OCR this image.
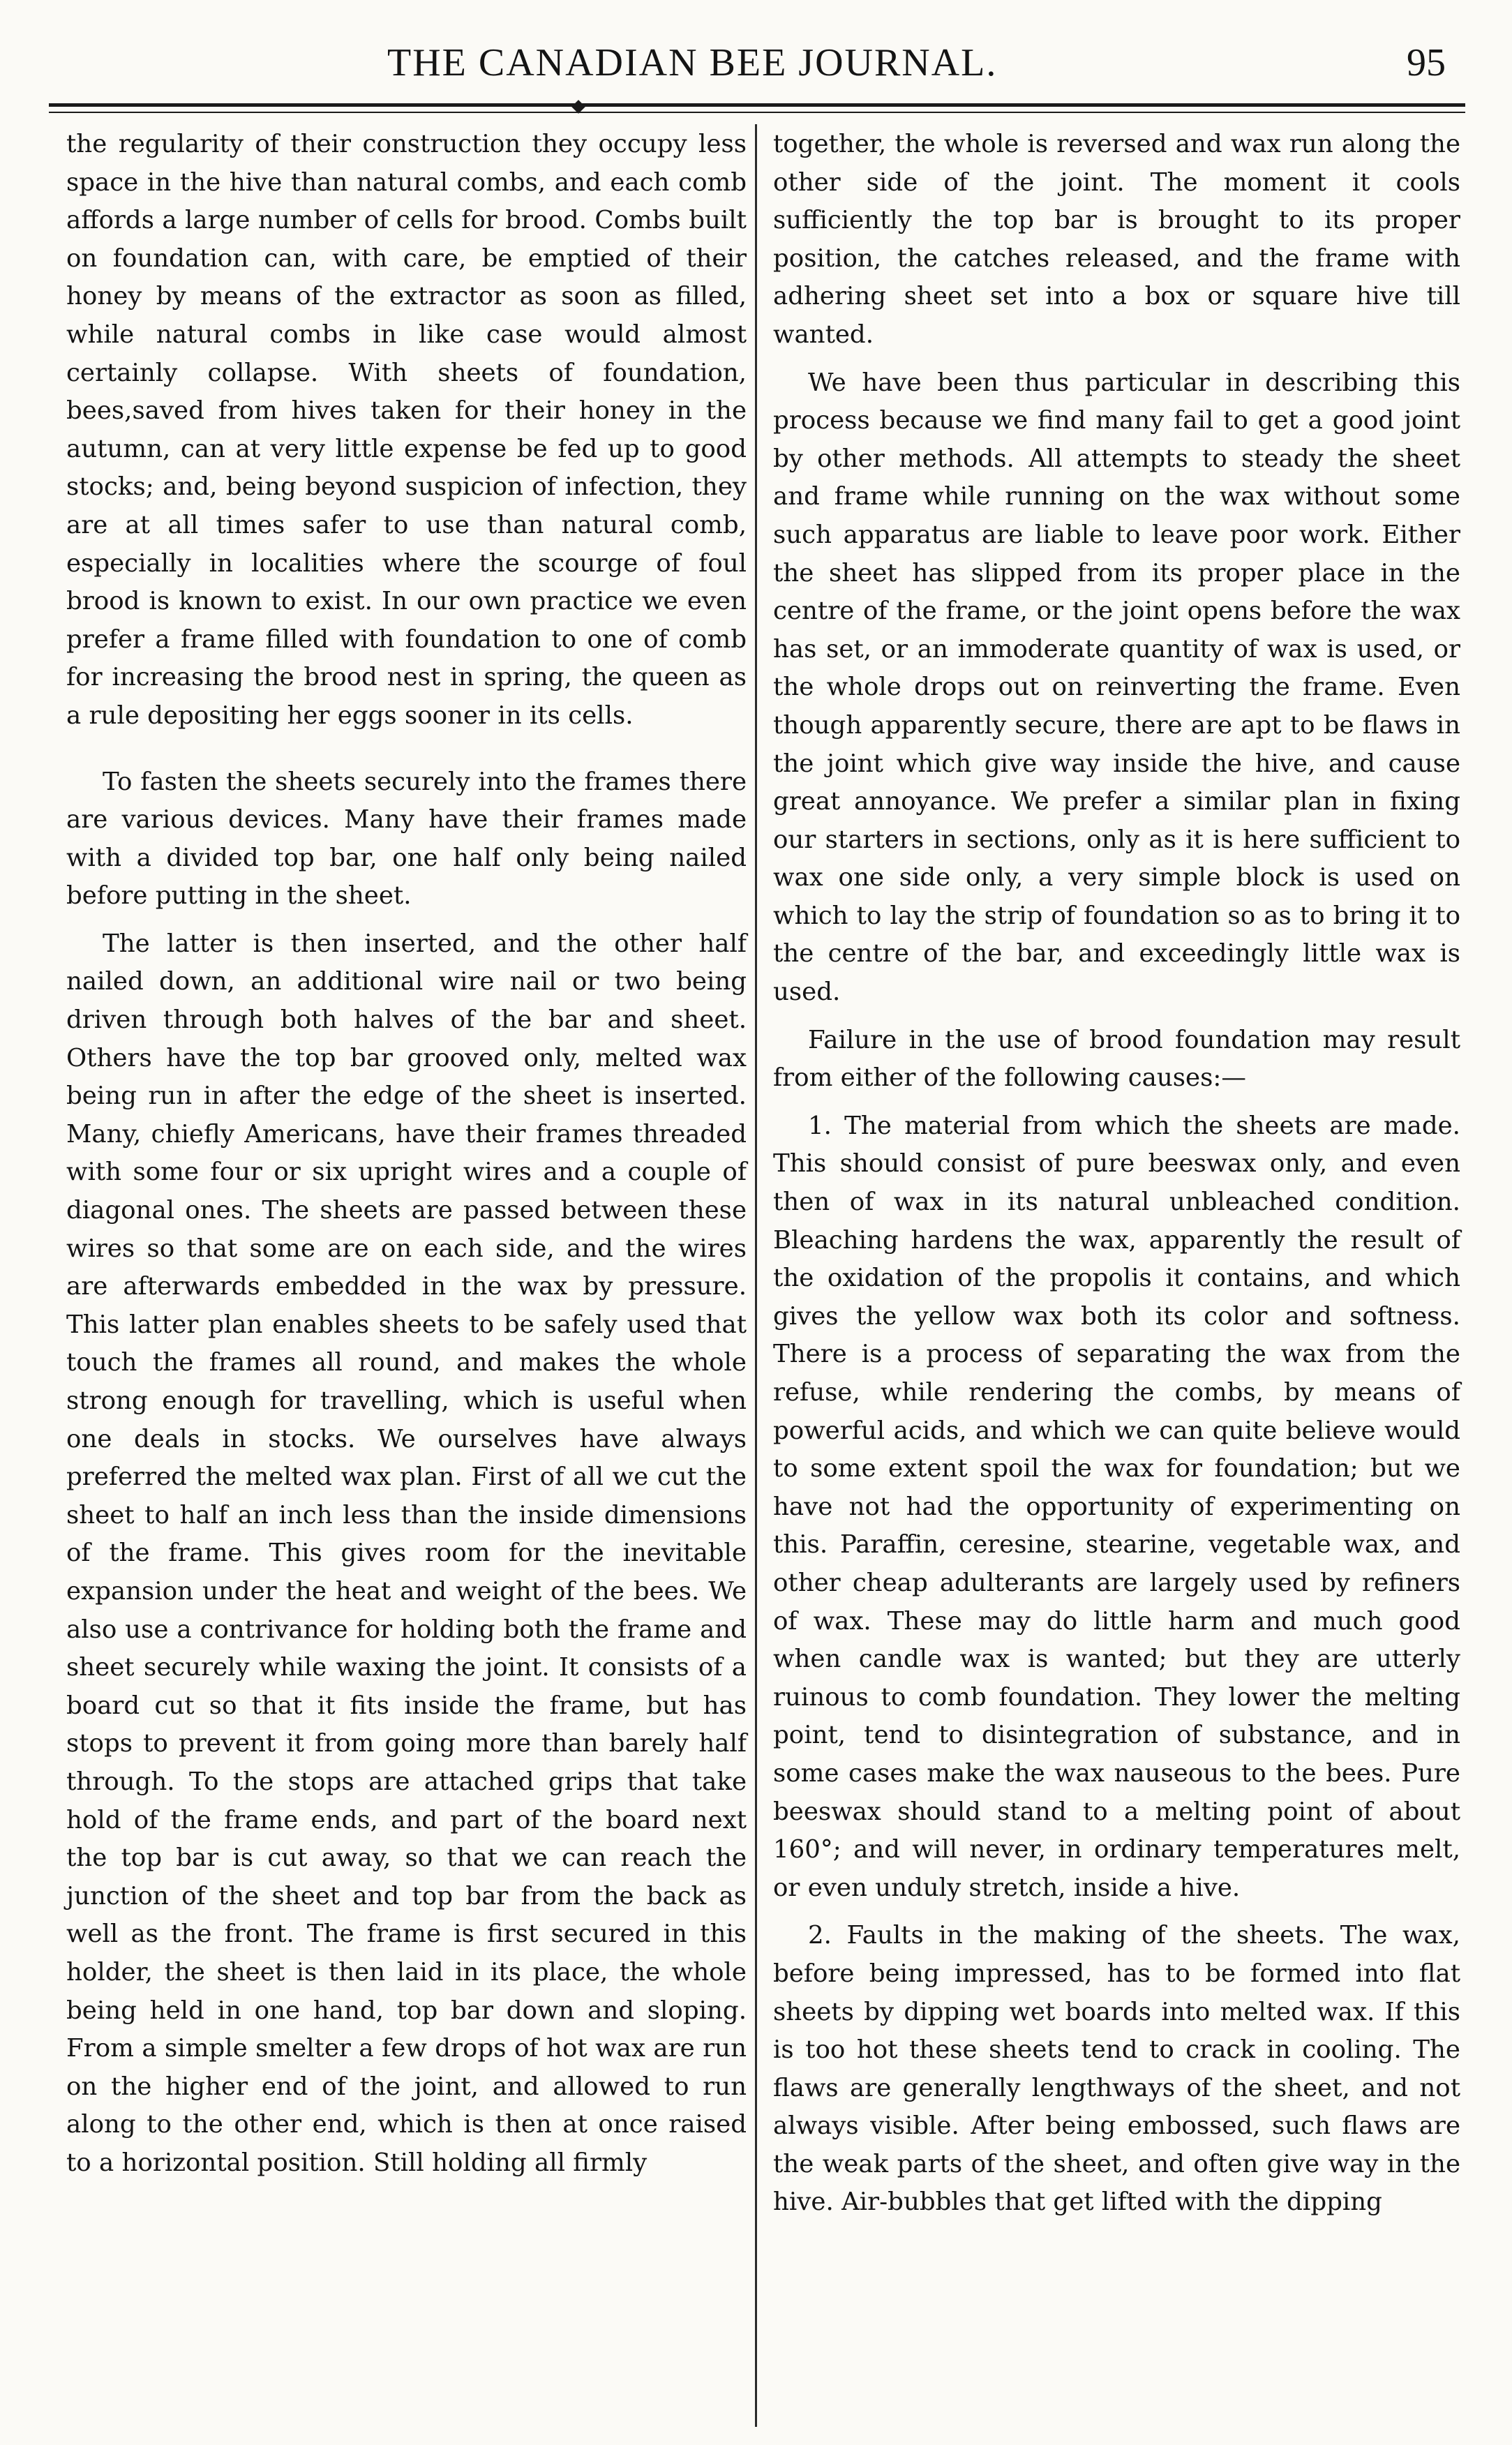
THE CANADIAN BEE JOURNAL.	95

the regularity of their construction they occupy less space in the hive than natural combs, and each comb affords a large number of cells for brood. Combs built on foundation can, with care, be emptied of their honey by means of the extractor as soon as filled, while natural combs in like case would almost certainly collapse. With sheets of foundation, bees,saved from hives taken for their honey in the autumn, can at very little expense be fed up to good stocks; and, being beyond suspicion of infection, they are at all times safer to use than natural comb, especially in localities where the scourge of foul brood is known to exist. In our own practice we even prefer a frame filled with foundation to one of comb for increasing the brood nest in spring, the queen as a rule depositing her eggs sooner in its cells.

To fasten the sheets securely into the frames there are various devices. Many have their frames made with a divided top bar, one half only being nailed before putting in the sheet.

The latter is then inserted, and the other half nailed down, an additional wire nail or two being driven through both halves of the bar and sheet. Others have the top bar grooved only, melted wax being run in after the edge of the sheet is inserted. Many, chiefly Americans, have their frames threaded with some four or six upright wires and a couple of diagonal ones. The sheets are passed between these wires so that some are on each side, and the wires are afterwards embedded in the wax by pressure. This latter plan enables sheets to be safely used that touch the frames all round, and makes the whole strong enough for travelling, which is useful when one deals in stocks. We ourselves have always preferred the melted wax plan. First of all we cut the sheet to half an inch less than the inside dimensions of the frame. This gives room for the inevitable expansion under the heat and weight of the bees. We also use a contrivance for holding both the frame and sheet securely while waxing the joint. It consists of a board cut so that it fits inside the frame, but has stops to prevent it from going more than barely half through. To the stops are attached grips that take hold of the frame ends, and part of the board next the top bar is cut away, so that we can reach the junction of the sheet and top bar from the back as well as the front. The frame is first secured in this holder, the sheet is then laid in its place, the whole being held in one hand, top bar down and sloping. From a simple smelter a few drops of hot wax are run on the higher end of the joint, and allowed to run along to the other end, which is then at once raised to a horizontal position. Still holding all firmly

together, the whole is reversed and wax run along the other side of the joint. The moment it cools sufficiently the top bar is brought to its proper position, the catches released, and the frame with adhering sheet set into a box or square hive till wanted.

We have been thus particular in describing this process because we find many fail to get a good joint by other methods. All attempts to steady the sheet and frame while running on the wax without some such apparatus are liable to leave poor work. Either the sheet has slipped from its proper place in the centre of the frame, or the joint opens before the wax has set, or an immoderate quantity of wax is used, or the whole drops out on reinverting the frame. Even though apparently secure, there are apt to be flaws in the joint which give way inside the hive, and cause great annoyance. We prefer a similar plan in fixing our starters in sections, only as it is here sufficient to wax one side only, a very simple block is used on which to lay the strip of foundation so as to bring it to the centre of the bar, and exceedingly little wax is used.

Failure in the use of brood foundation may result from either of the following causes:—

1. The material from which the sheets are made. This should consist of pure beeswax only, and even then of wax in its natural unbleached condition. Bleaching hardens the wax, apparently the result of the oxidation of the propolis it contains, and which gives the yellow wax both its color and softness. There is a process of separating the wax from the refuse, while rendering the combs, by means of powerful acids, and which we can quite believe would to some extent spoil the wax for foundation; but we have not had the opportunity of experimenting on this. Paraffin, ceresine, stearine, vegetable wax, and other cheap adulterants are largely used by refiners of wax. These may do little harm and much good when candle wax is wanted; but they are utterly ruinous to comb foundation. They lower the melting point, tend to disintegration of substance, and in some cases make the wax nauseous to the bees. Pure beeswax should stand to a melting point of about 160°; and will never, in ordinary temperatures melt, or even unduly stretch, inside a hive.

2. Faults in the making of the sheets. The wax, before being impressed, has to be formed into flat sheets by dipping wet boards into melted wax. If this is too hot these sheets tend to crack in cooling. The flaws are generally lengthways of the sheet, and not always visible. After being embossed, such flaws are the weak parts of the sheet, and often give way in the hive. Air-bubbles that get lifted with the dipping
